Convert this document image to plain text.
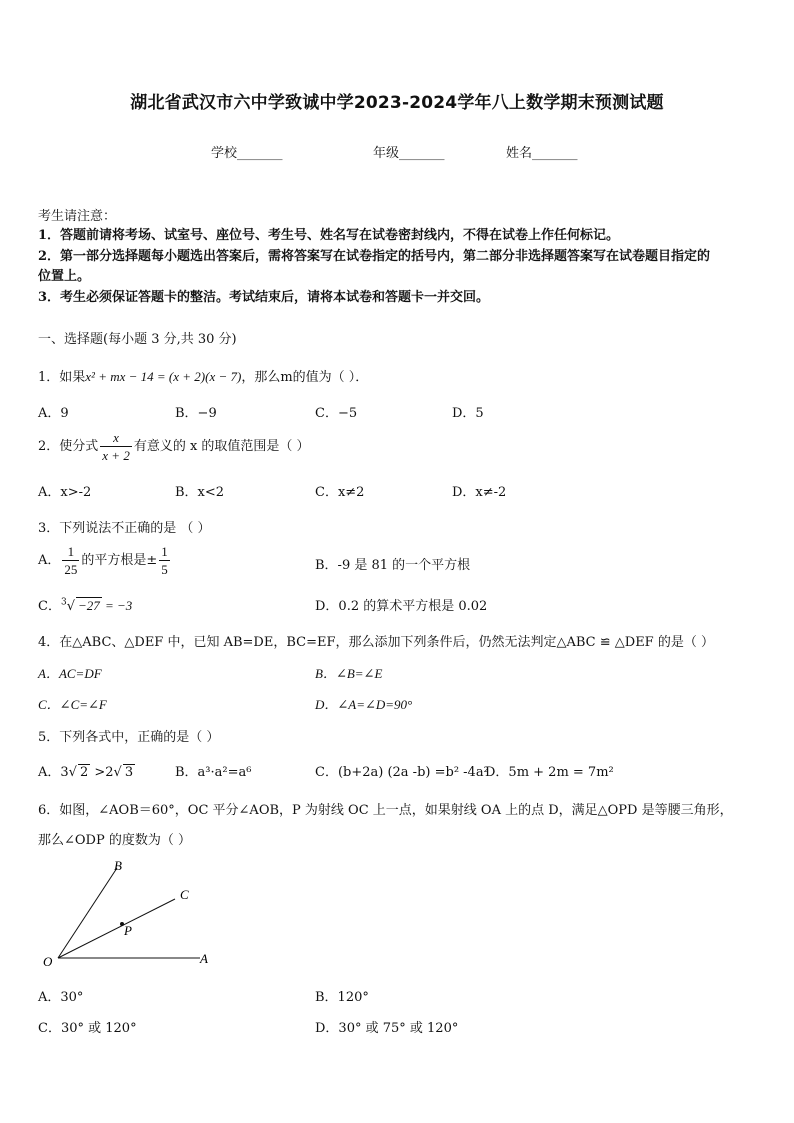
湖北省武汉市六中学致诚中学2023-2024学年八上数学期末预测试题
学校_______	年级_______	姓名_______
考生请注意：
1．答题前请将考场、试室号、座位号、考生号、姓名写在试卷密封线内，不得在试卷上作任何标记。
2．第一部分选择题每小题选出答案后，需将答案写在试卷指定的括号内，第二部分非选择题答案写在试卷题目指定的
位置上。
3．考生必须保证答题卡的整洁。考试结束后，请将本试卷和答题卡一并交回。
一、选择题(每小题 3 分,共 30 分)
1．如果x² + mx − 14 = (x + 2)(x − 7)，那么m的值为（ ）．
A．9	B．−9	C．−5	D．5
2．使分式 $\frac{x}{x + 2}$ 有意义的 x 的取值范围是（ ）
A．x>-2	B．x<2	C．x≠2	D．x≠-2
3．下列说法不正确的是 （ ）
A． $\frac{1}{25}$ 的平方根是± $\frac{1}{5}$	B．-9 是 81 的一个平方根
C．$^3$√ −27 = −3	D．0.2 的算术平方根是 0.02
4．在△ABC、△DEF 中，已知 AB=DE，BC=EF，那么添加下列条件后，仍然无法判定△ABC ≌ △DEF 的是（ ）
A．AC=DF	B．∠B=∠E
C．∠C=∠F	D．∠A=∠D=90°
5．下列各式中，正确的是（ ）
A．3√ 2 >2√ 3	B．a³·a²=a⁶	C．(b+2a) (2a -b) =b² -4a²
D．5m + 2m = 7m²
6．如图，∠AOB＝60°，OC 平分∠AOB，P 为射线 OC 上一点，如果射线 OA 上的点 D，满足△OPD 是等腰三角形，
那么∠ODP 的度数为（ ）
B
C
P
O	A
A．30°	B．120°
C．30° 或 120°	D．30° 或 75° 或 120°
